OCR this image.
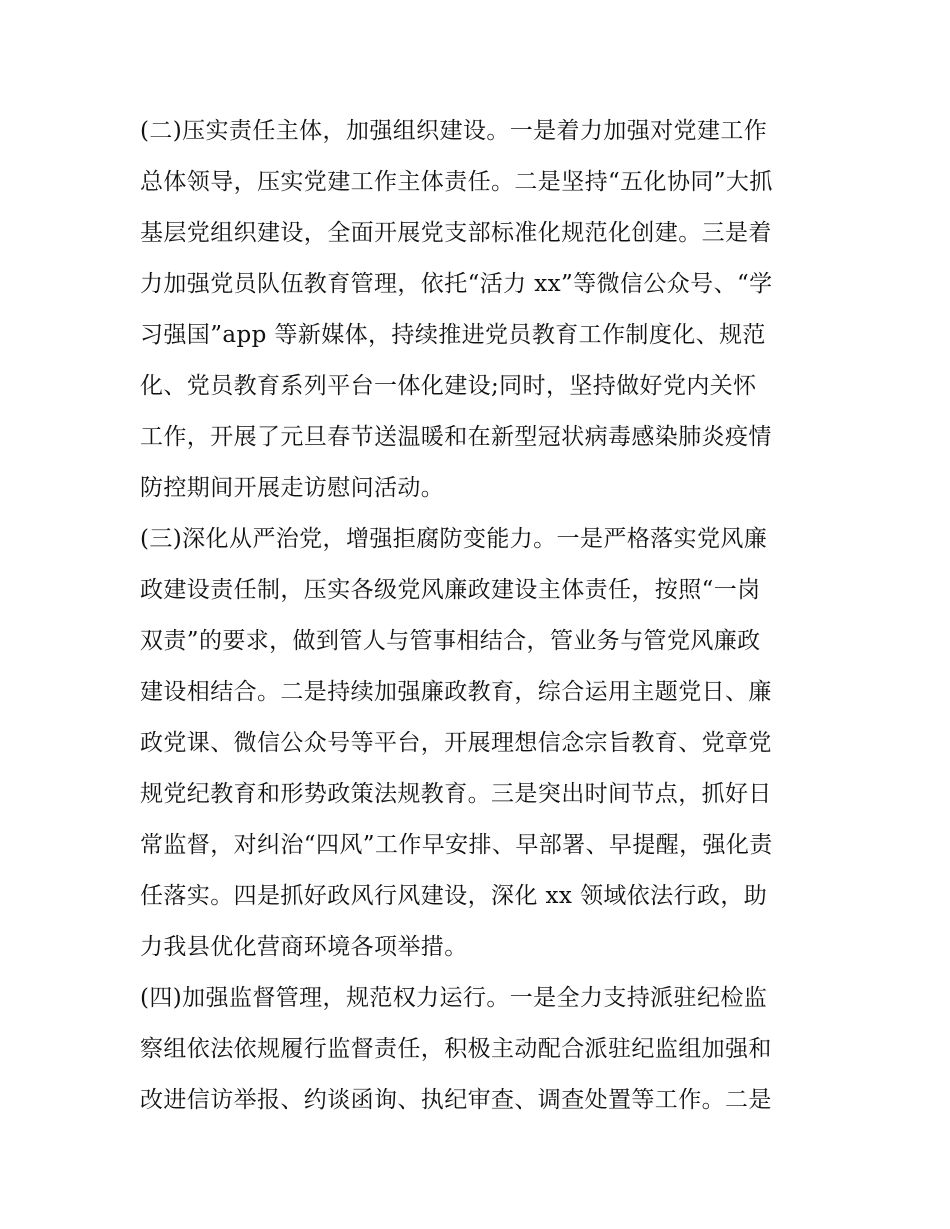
(二)压实责任主体，加强组织建设。一是着力加强对党建工作
总体领导，压实党建工作主体责任。二是坚持“五化协同”大抓
基层党组织建设，全面开展党支部标准化规范化创建。三是着
力加强党员队伍教育管理，依托“活力 xx”等微信公众号、“学
习强国”app 等新媒体，持续推进党员教育工作制度化、规范
化、党员教育系列平台一体化建设;同时，坚持做好党内关怀
工作，开展了元旦春节送温暖和在新型冠状病毒感染肺炎疫情
防控期间开展走访慰问活动。
(三)深化从严治党，增强拒腐防变能力。一是严格落实党风廉
政建设责任制，压实各级党风廉政建设主体责任，按照“一岗
双责”的要求，做到管人与管事相结合，管业务与管党风廉政
建设相结合。二是持续加强廉政教育，综合运用主题党日、廉
政党课、微信公众号等平台，开展理想信念宗旨教育、党章党
规党纪教育和形势政策法规教育。三是突出时间节点，抓好日
常监督，对纠治“四风”工作早安排、早部署、早提醒，强化责
任落实。四是抓好政风行风建设，深化 xx 领域依法行政，助
力我县优化营商环境各项举措。
(四)加强监督管理，规范权力运行。一是全力支持派驻纪检监
察组依法依规履行监督责任，积极主动配合派驻纪监组加强和
改进信访举报、约谈函询、执纪审查、调查处置等工作。二是
